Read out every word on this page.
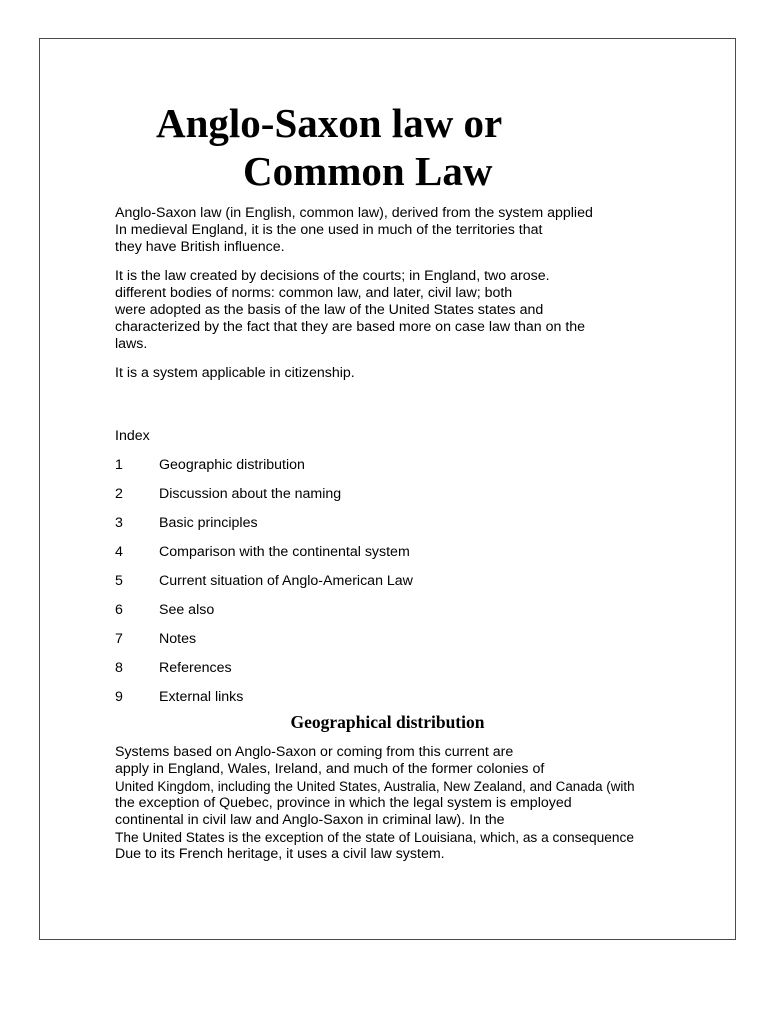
Anglo-Saxon law or
Common Law

Anglo-Saxon law (in English, common law), derived from the system applied
In medieval England, it is the one used in much of the territories that
they have British influence.

It is the law created by decisions of the courts; in England, two arose.
different bodies of norms: common law, and later, civil law; both
were adopted as the basis of the law of the United States states and
characterized by the fact that they are based more on case law than on the
laws.

It is a system applicable in citizenship.

Index
1	Geographic distribution
2	Discussion about the naming
3	Basic principles
4	Comparison with the continental system
5	Current situation of Anglo-American Law
6	See also
7	Notes
8	References
9	External links
Geographical distribution

Systems based on Anglo-Saxon or coming from this current are
apply in England, Wales, Ireland, and much of the former colonies of
United Kingdom, including the United States, Australia, New Zealand, and Canada (with
the exception of Quebec, province in which the legal system is employed
continental in civil law and Anglo-Saxon in criminal law). In the
The United States is the exception of the state of Louisiana, which, as a consequence
Due to its French heritage, it uses a civil law system.
